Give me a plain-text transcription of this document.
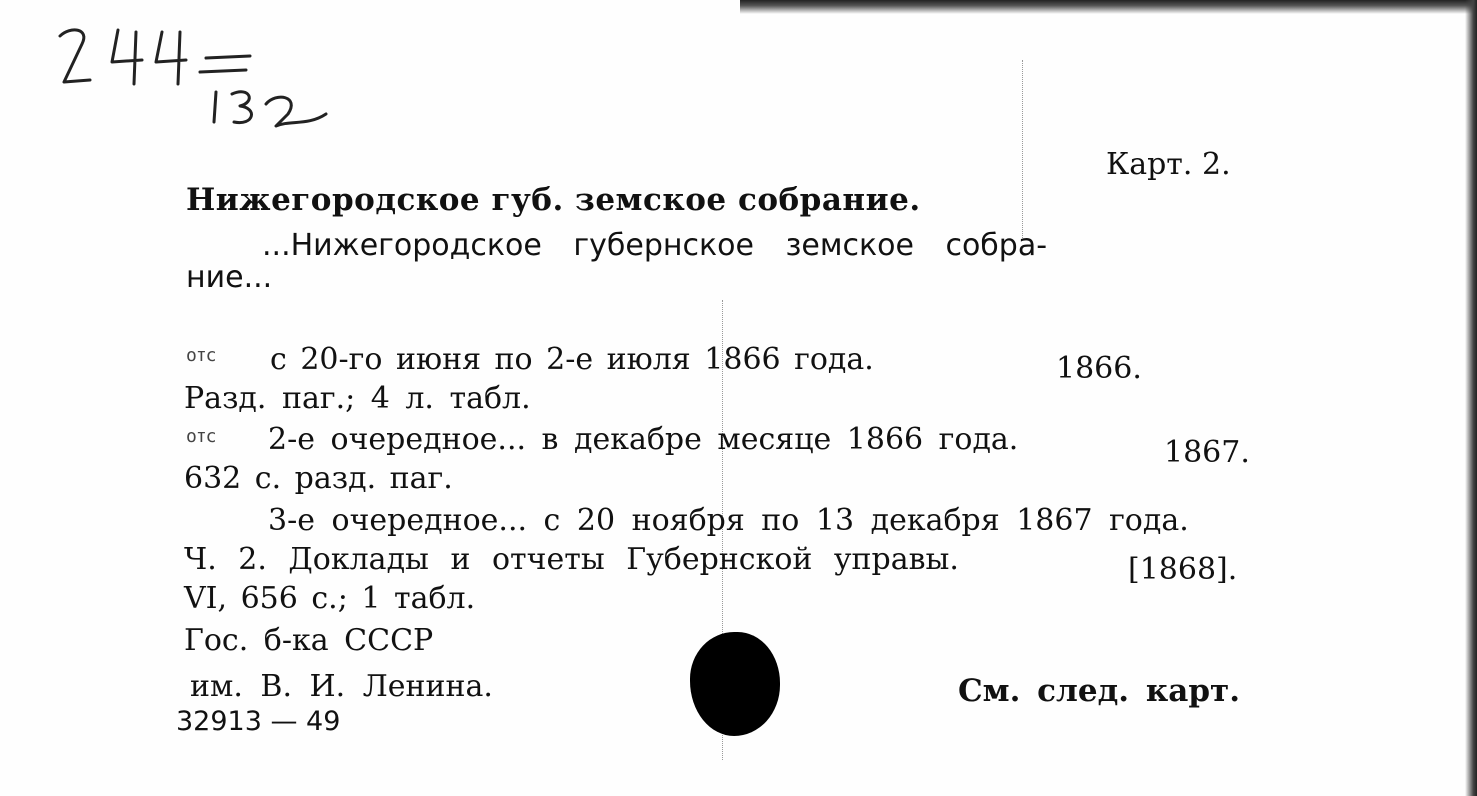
Карт. 2.
Нижегородское губ. земское собрание.
...Нижегородское губернское земское собра-
ние...
отс с 20-го июня по 2-е июля 1866 года.	1866.
Разд. паг.; 4 л. табл.
отс 2-е очередное... в декабре месяце 1866 года.	1867.
632 с. разд. паг.
3-е очередное... с 20 ноября по 13 декабря 1867 года.
Ч. 2. Доклады и отчеты Губернской управы.	[1868].
VI, 656 с.; 1 табл.
Гос. б-ка СССР
им. В. И. Ленина.
32913 — 49
См. след. карт.
